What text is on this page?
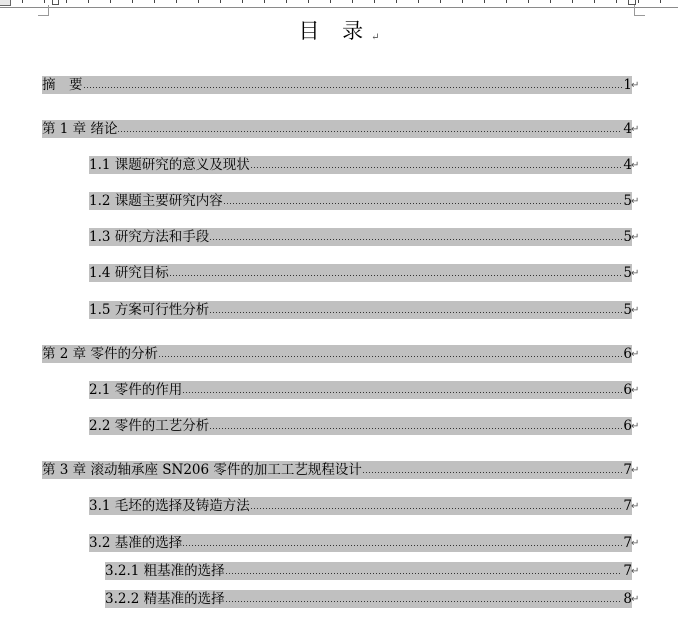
目 录↵
摘　要	1 ↵
第 1 章 绪论	4 ↵
1.1 课题研究的意义及现状	4 ↵
1.2 课题主要研究内容	5 ↵
1.3 研究方法和手段	5 ↵
1.4 研究目标	5 ↵
1.5 方案可行性分析	5 ↵
第 2 章 零件的分析	6 ↵
2.1 零件的作用	6 ↵
2.2 零件的工艺分析	6 ↵
第 3 章 滚动轴承座 SN206 零件的加工工艺规程设计	7 ↵
3.1 毛坯的选择及铸造方法	7 ↵
3.2 基准的选择	7 ↵
3.2.1 粗基准的选择	7 ↵
3.2.2 精基准的选择	8 ↵
